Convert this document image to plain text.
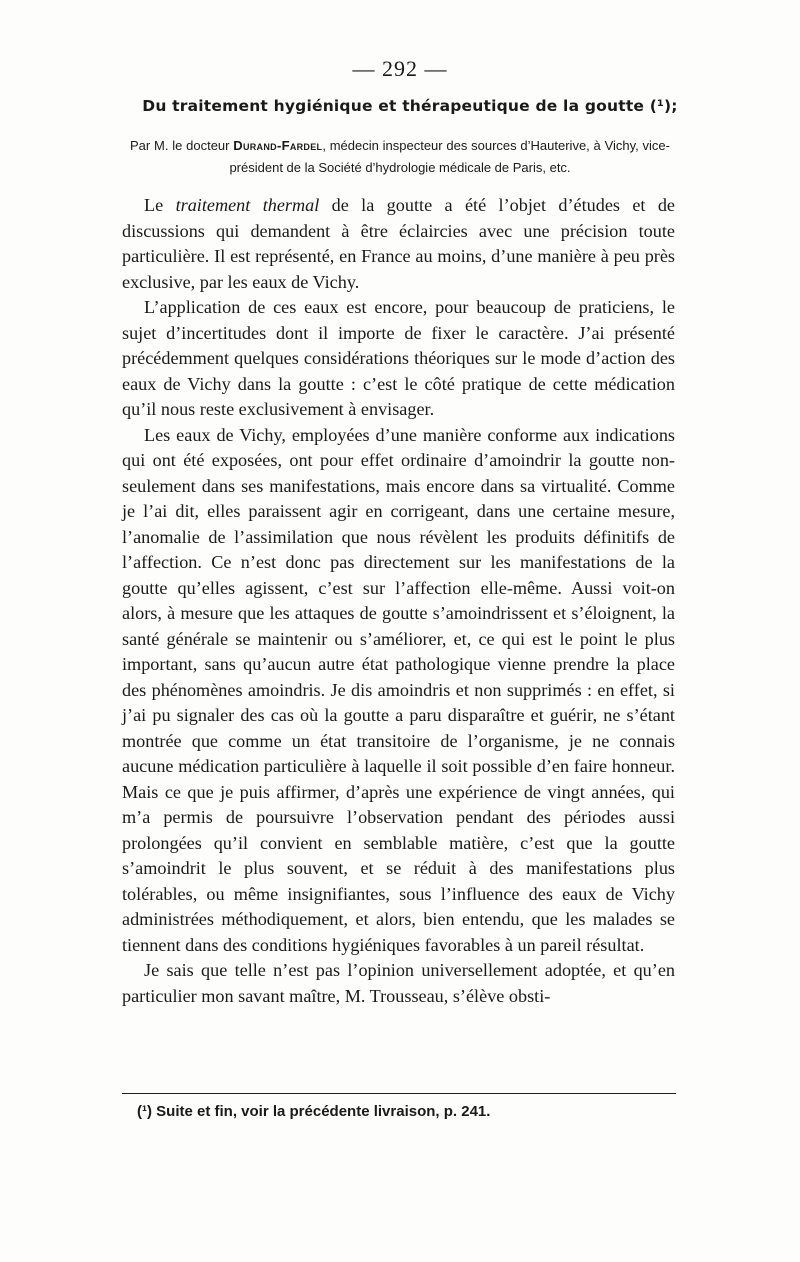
— 292 —
Du traitement hygiénique et thérapeutique de la goutte (¹);
Par M. le docteur Durand-Fardel, médecin inspecteur des sources d’Hauterive, à Vichy, vice-président de la Société d’hydrologie médicale de Paris, etc.

Le traitement thermal de la goutte a été l’objet d’études et de discussions qui demandent à être éclaircies avec une précision toute particulière. Il est représenté, en France au moins, d’une manière à peu près exclusive, par les eaux de Vichy.

L’application de ces eaux est encore, pour beaucoup de praticiens, le sujet d’incertitudes dont il importe de fixer le caractère. J’ai présenté précédemment quelques considérations théoriques sur le mode d’action des eaux de Vichy dans la goutte : c’est le côté pratique de cette médication qu’il nous reste exclusivement à envisager.

Les eaux de Vichy, employées d’une manière conforme aux indications qui ont été exposées, ont pour effet ordinaire d’amoindrir la goutte non-seulement dans ses manifestations, mais encore dans sa virtualité. Comme je l’ai dit, elles paraissent agir en corrigeant, dans une certaine mesure, l’anomalie de l’assimilation que nous révèlent les produits définitifs de l’affection. Ce n’est donc pas directement sur les manifestations de la goutte qu’elles agissent, c’est sur l’affection elle-même. Aussi voit-on alors, à mesure que les attaques de goutte s’amoindrissent et s’éloignent, la santé générale se maintenir ou s’améliorer, et, ce qui est le point le plus important, sans qu’aucun autre état pathologique vienne prendre la place des phénomènes amoindris. Je dis amoindris et non supprimés : en effet, si j’ai pu signaler des cas où la goutte a paru disparaître et guérir, ne s’étant montrée que comme un état transitoire de l’organisme, je ne connais aucune médication particulière à laquelle il soit possible d’en faire honneur. Mais ce que je puis affirmer, d’après une expérience de vingt années, qui m’a permis de poursuivre l’observation pendant des périodes aussi prolongées qu’il convient en semblable matière, c’est que la goutte s’amoindrit le plus souvent, et se réduit à des manifestations plus tolérables, ou même insignifiantes, sous l’influence des eaux de Vichy administrées méthodiquement, et alors, bien entendu, que les malades se tiennent dans des conditions hygiéniques favorables à un pareil résultat.

Je sais que telle n’est pas l’opinion universellement adoptée, et qu’en particulier mon savant maître, M. Trousseau, s’élève obsti-

(¹) Suite et fin, voir la précédente livraison, p. 241.
